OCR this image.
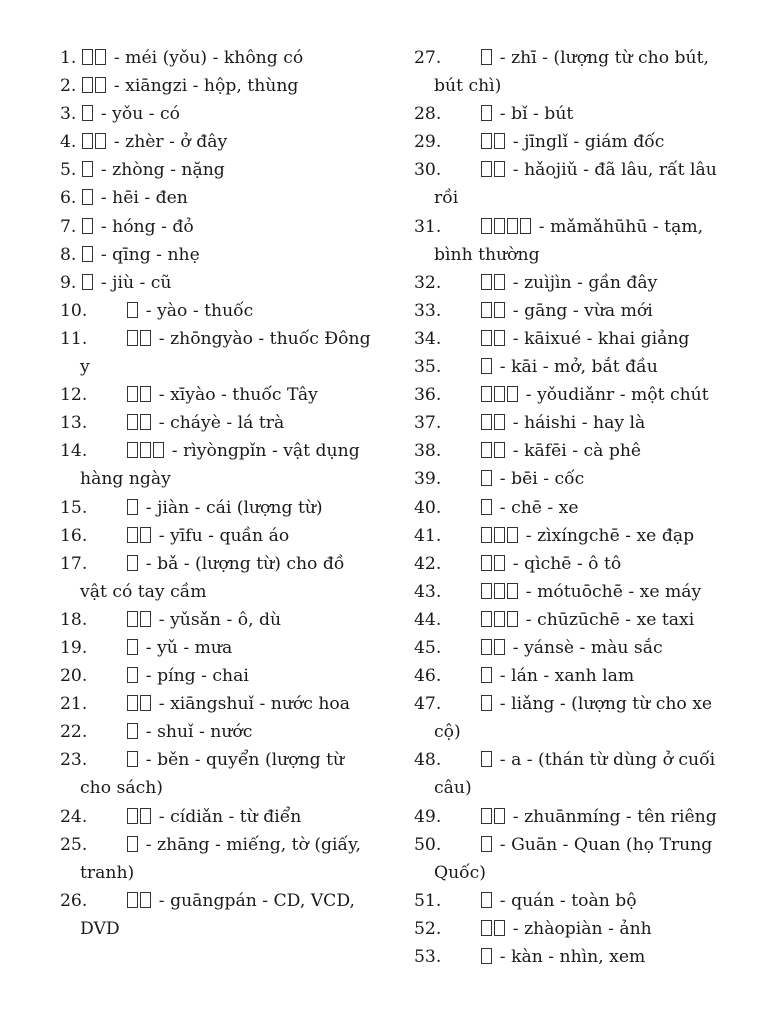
1. - méi (yǒu) - không có

2. - xiāngzi - hộp, thùng

3. - yǒu - có

4. - zhèr - ở đây

5. - zhòng - nặng

6. - hēi - đen

7. - hóng - đỏ

8. - qīng - nhẹ

9. - jiù - cũ

10.	- yào - thuốc

11.	- zhōngyào - thuốc Đông y

12.	- xīyào - thuốc Tây

13.	- cháyè - lá trà

14.	- rìyòngpǐn - vật dụng hàng ngày

15.	- jiàn - cái (lượng từ)

16.	- yīfu - quần áo

17.	- bǎ - (lượng từ) cho đồ vật có tay cầm

18.	- yǔsǎn - ô, dù

19.	- yǔ - mưa

20.	- píng - chai

21.	- xiāngshuǐ - nước hoa

22.	- shuǐ - nước

23.	- běn - quyển (lượng từ cho sách)

24.	- cídiǎn - từ điển

25.	- zhāng - miếng, tờ (giấy, tranh)

26.	- guāngpán - CD, VCD, DVD

27.	- zhī - (lượng từ cho bút, bút chì)

28.	- bǐ - bút

29.	- jīnglǐ - giám đốc

30.	- hǎojiǔ - đã lâu, rất lâu rồi

31.	- mǎmǎhūhū - tạm, bình thường

32.	- zuìjìn - gần đây

33.	- gāng - vừa mới

34.	- kāixué - khai giảng

35.	- kāi - mở, bắt đầu

36.	- yǒudiǎnr - một chút

37.	- háishi - hay là

38.	- kāfēi - cà phê

39.	- bēi - cốc

40.	- chē - xe

41.	- zìxíngchē - xe đạp

42.	- qìchē - ô tô

43.	- mótuōchē - xe máy

44.	- chūzūchē - xe taxi

45.	- yánsè - màu sắc

46.	- lán - xanh lam

47.	- liǎng - (lượng từ cho xe cộ)

48.	- a - (thán từ dùng ở cuối câu)

49.	- zhuānmíng - tên riêng

50.	- Guān - Quan (họ Trung Quốc)

51.	- quán - toàn bộ

52.	- zhàopiàn - ảnh

53.	- kàn - nhìn, xem
